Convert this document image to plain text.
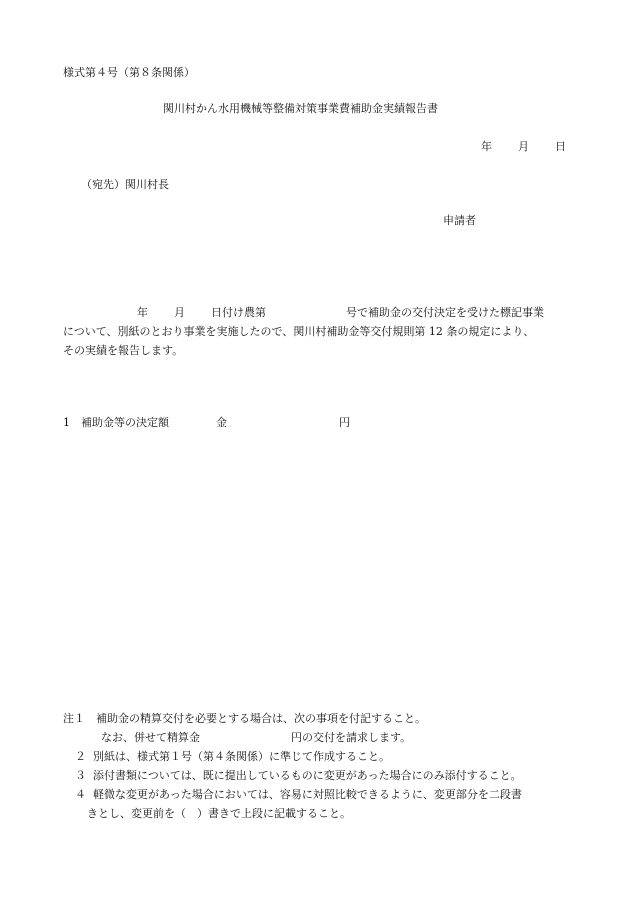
様式第４号（第８条関係）
関川村かん水用機械等整備対策事業費補助金実績報告書
年 月 日
（宛先）関川村長
申請者
年 月 日付け農第	号で補助金の交付決定を受けた標記事業
について、別紙のとおり事業を実施したので、関川村補助金等交付規則第 12 条の規定により、
その実績を報告します。
1 補助金等の決定額	金	円
注１ 補助金の精算交付を必要とする場合は、次の事項を付記すること。
なお、併せて精算金	円の交付を請求します。
２ 別紙は、様式第１号（第４条関係）に準じて作成すること。
３ 添付書類については、既に提出しているものに変更があった場合にのみ添付すること。
４ 軽微な変更があった場合においては、容易に対照比較できるように、変更部分を二段書
きとし、変更前を（　）書きで上段に記載すること。
